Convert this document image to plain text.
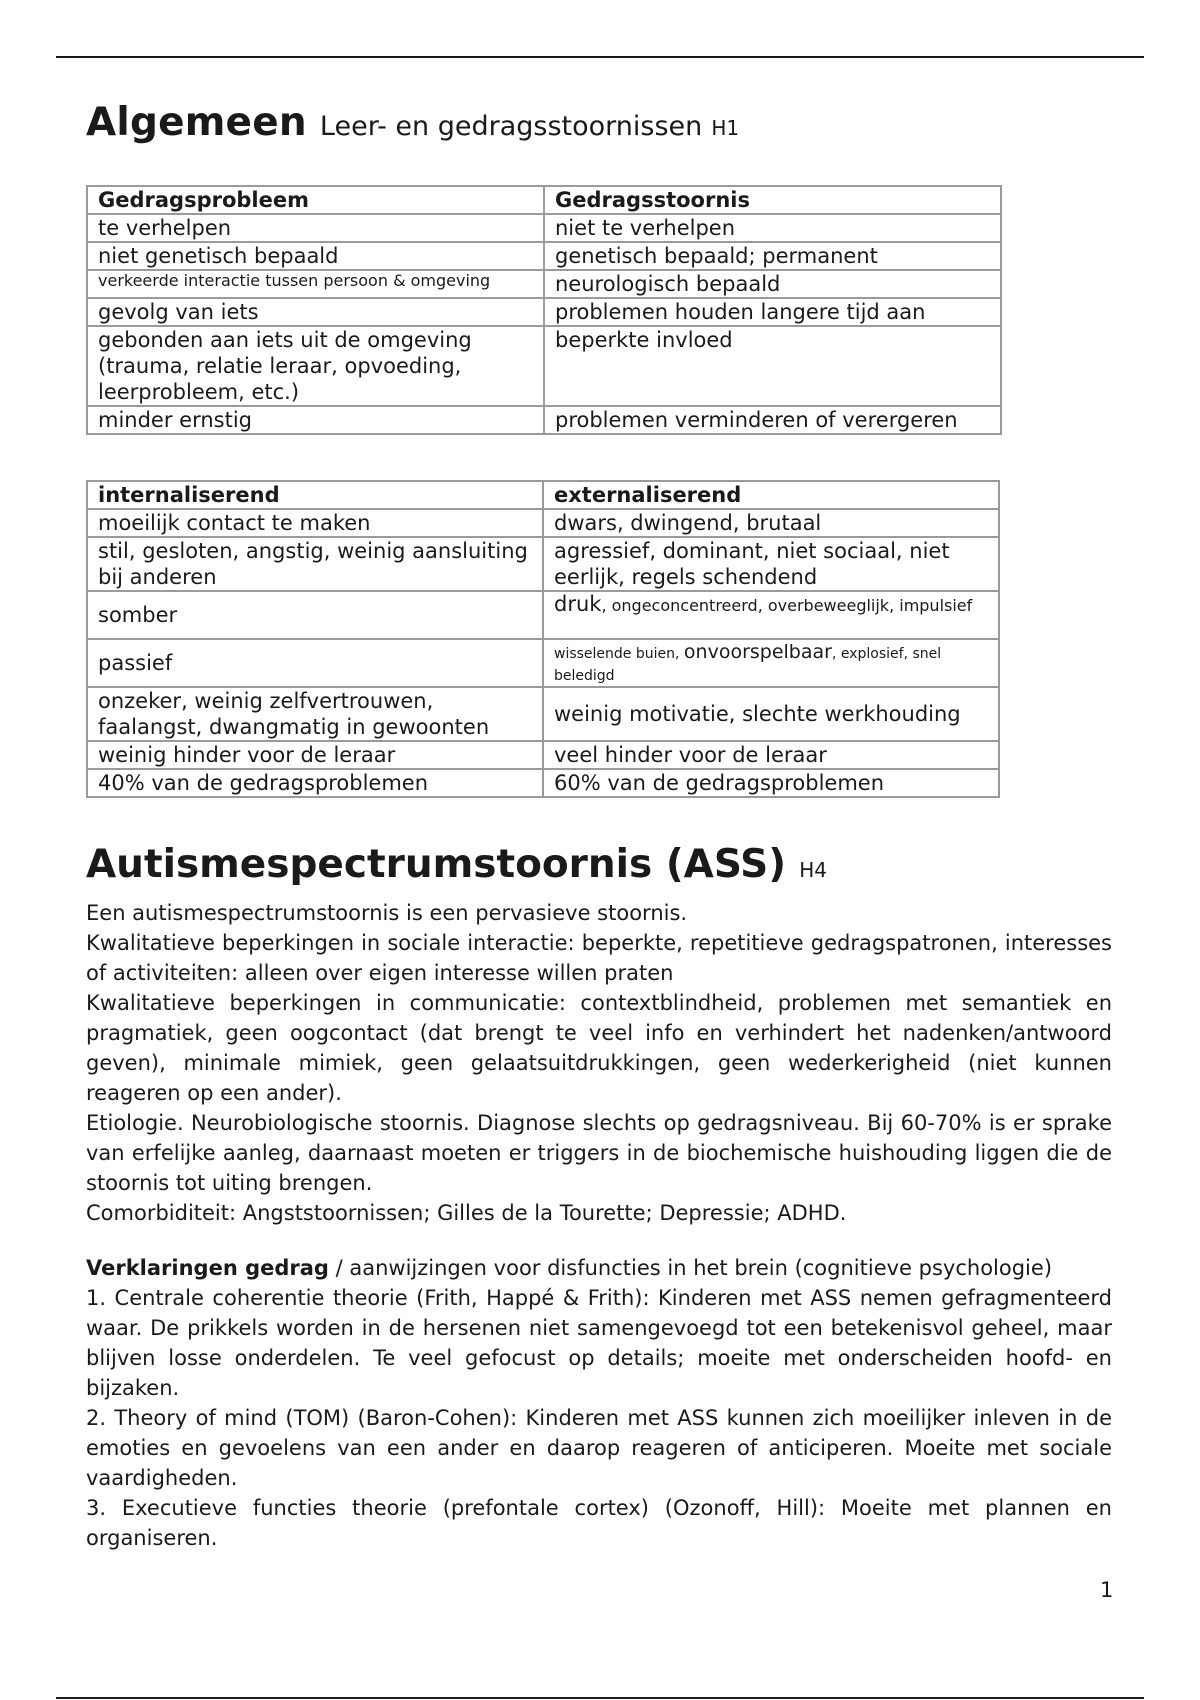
Algemeen Leer- en gedragsstoornissen H1
Gedragsprobleem	Gedragsstoornis
te verhelpen	niet te verhelpen
niet genetisch bepaald	genetisch bepaald; permanent
verkeerde interactie tussen persoon & omgeving	neurologisch bepaald
gevolg van iets	problemen houden langere tijd aan
gebonden aan iets uit de omgeving (trauma, relatie leraar, opvoeding, leerprobleem, etc.)	beperkte invloed
minder ernstig	problemen verminderen of verergeren
internaliserend	externaliserend
moeilijk contact te maken	dwars, dwingend, brutaal
stil, gesloten, angstig, weinig aansluiting bij anderen	agressief, dominant, niet sociaal, niet eerlijk, regels schendend
somber	druk, ongeconcentreerd, overbeweeglijk, impulsief
passief	wisselende buien, onvoorspelbaar, explosief, snel beledigd
onzeker, weinig zelfvertrouwen, faalangst, dwangmatig in gewoonten	weinig motivatie, slechte werkhouding
weinig hinder voor de leraar	veel hinder voor de leraar
40% van de gedragsproblemen	60% van de gedragsproblemen
Autismespectrumstoornis (ASS) H4

Een autismespectrumstoornis is een pervasieve stoornis.

Kwalitatieve beperkingen in sociale interactie: beperkte, repetitieve gedragspatronen, interesses of activiteiten: alleen over eigen interesse willen praten

Kwalitatieve beperkingen in communicatie: contextblindheid, problemen met semantiek en pragmatiek, geen oogcontact (dat brengt te veel info en verhindert het nadenken/antwoord geven), minimale mimiek, geen gelaatsuitdrukkingen, geen wederkerigheid (niet kunnen reageren op een ander).

Etiologie. Neurobiologische stoornis. Diagnose slechts op gedragsniveau. Bij 60-70% is er sprake van erfelijke aanleg, daarnaast moeten er triggers in de biochemische huishouding liggen die de stoornis tot uiting brengen.

Comorbiditeit: Angststoornissen; Gilles de la Tourette; Depressie; ADHD.

Verklaringen gedrag / aanwijzingen voor disfuncties in het brein (cognitieve psychologie)

1. Centrale coherentie theorie (Frith, Happé & Frith): Kinderen met ASS nemen gefragmenteerd waar. De prikkels worden in de hersenen niet samengevoegd tot een betekenisvol geheel, maar blijven losse onderdelen. Te veel gefocust op details; moeite met onderscheiden hoofd- en bijzaken.

2. Theory of mind (TOM) (Baron-Cohen): Kinderen met ASS kunnen zich moeilijker inleven in de emoties en gevoelens van een ander en daarop reageren of anticiperen. Moeite met sociale vaardigheden.

3. Executieve functies theorie (prefontale cortex) (Ozonoff, Hill): Moeite met plannen en organiseren.

1
